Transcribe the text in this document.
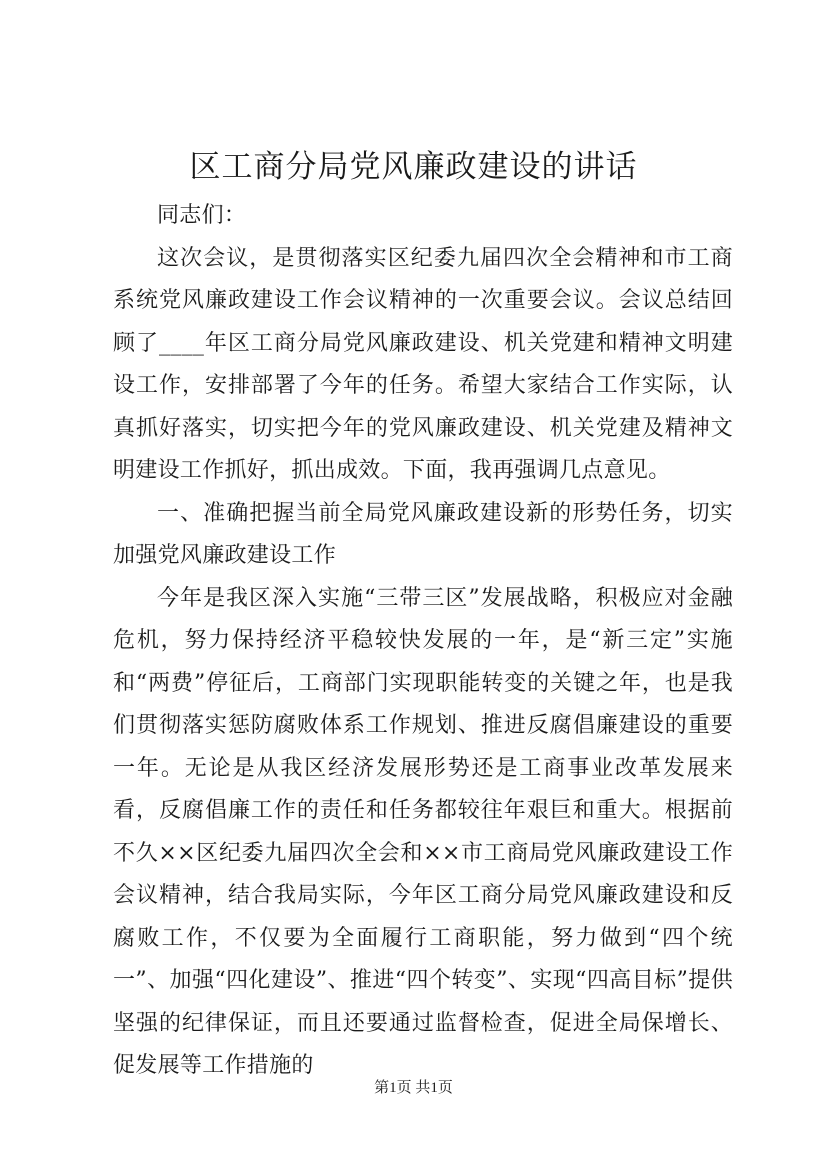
区工商分局党风廉政建设的讲话

同志们：

这次会议，是贯彻落实区纪委九届四次全会精神和市工商系统党风廉政建设工作会议精神的一次重要会议。会议总结回顾了____年区工商分局党风廉政建设、机关党建和精神文明建设工作，安排部署了今年的任务。希望大家结合工作实际，认真抓好落实，切实把今年的党风廉政建设、机关党建及精神文明建设工作抓好，抓出成效。下面，我再强调几点意见。

一、准确把握当前全局党风廉政建设新的形势任务，切实加强党风廉政建设工作

今年是我区深入实施“三带三区”发展战略，积极应对金融危机，努力保持经济平稳较快发展的一年，是“新三定”实施和“两费”停征后，工商部门实现职能转变的关键之年，也是我们贯彻落实惩防腐败体系工作规划、推进反腐倡廉建设的重要一年。无论是从我区经济发展形势还是工商事业改革发展来看，反腐倡廉工作的责任和任务都较往年艰巨和重大。根据前不久××区纪委九届四次全会和××市工商局党风廉政建设工作会议精神，结合我局实际，今年区工商分局党风廉政建设和反腐败工作，不仅要为全面履行工商职能，努力做到“四个统一”、加强“四化建设”、推进“四个转变”、实现“四高目标”提供坚强的纪律保证，而且还要通过监督检查，促进全局保增长、促发展等工作措施的

第1页 共1页
